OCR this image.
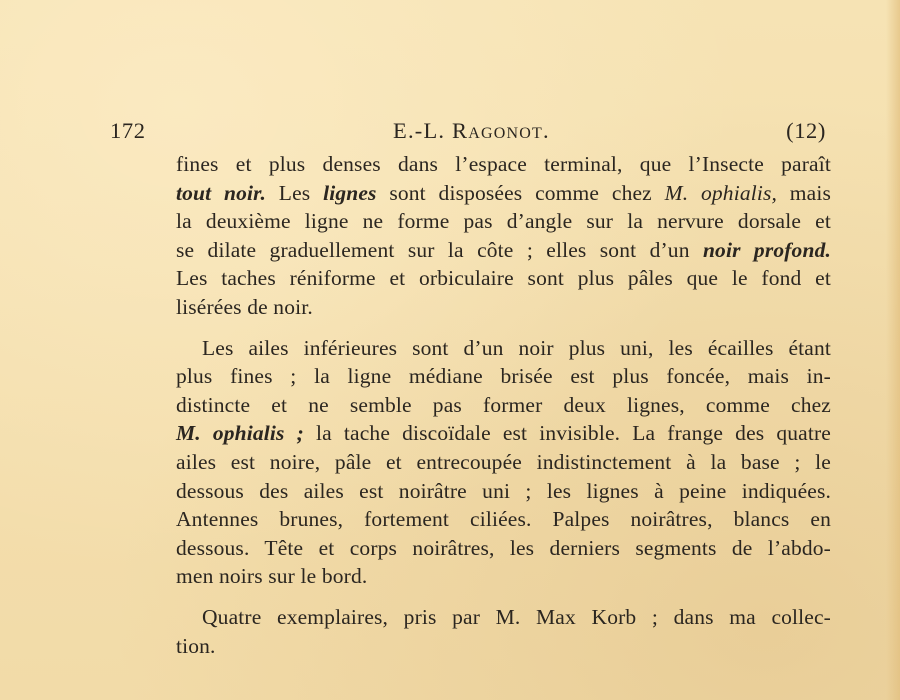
172	E.-L. Ragonot.	(12)
fines et plus denses dans l’espace terminal, que l’Insecte paraît
tout noir. Les lignes sont disposées comme chez M. ophialis, mais
la deuxième ligne ne forme pas d’angle sur la nervure dorsale et
se dilate graduellement sur la côte ; elles sont d’un noir profond.
Les taches réniforme et orbiculaire sont plus pâles que le fond et
lisérées de noir.
Les ailes inférieures sont d’un noir plus uni, les écailles étant
plus fines ; la ligne médiane brisée est plus foncée, mais in-
distincte et ne semble pas former deux lignes, comme chez
M. ophialis ; la tache discoïdale est invisible. La frange des quatre
ailes est noire, pâle et entrecoupée indistinctement à la base ; le
dessous des ailes est noirâtre uni ; les lignes à peine indiquées.
Antennes brunes, fortement ciliées. Palpes noirâtres, blancs en
dessous. Tête et corps noirâtres, les derniers segments de l’abdo-
men noirs sur le bord.
Quatre exemplaires, pris par M. Max Korb ; dans ma collec-
tion.
